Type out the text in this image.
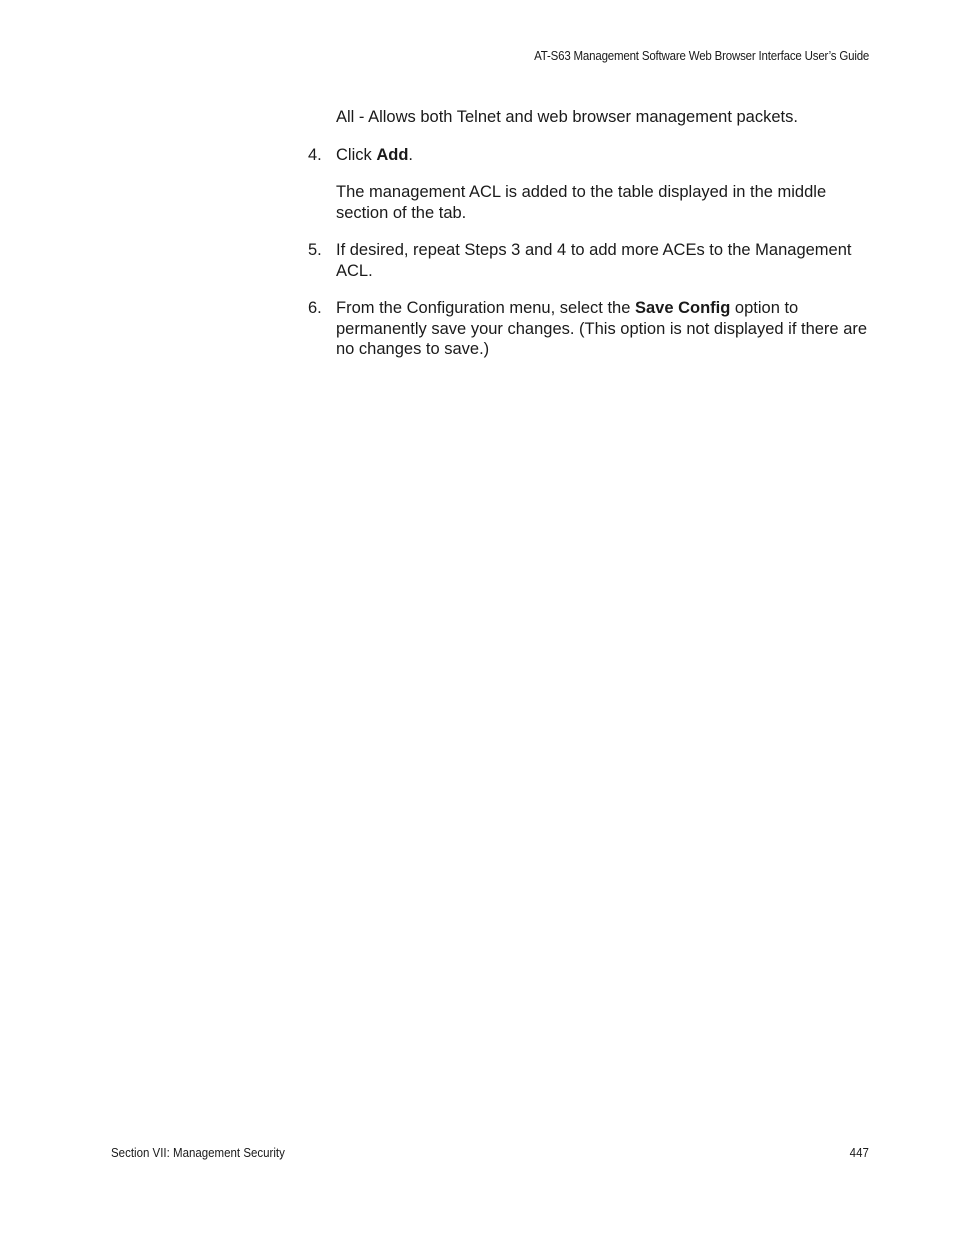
AT-S63 Management Software Web Browser Interface User’s Guide

All - Allows both Telnet and web browser management packets.

4. Click Add.

The management ACL is added to the table displayed in the middle section of the tab.

5. If desired, repeat Steps 3 and 4 to add more ACEs to the Management ACL.
6. From the Configuration menu, select the Save Config option to permanently save your changes. (This option is not displayed if there are no changes to save.)
Section VII: Management Security	447
